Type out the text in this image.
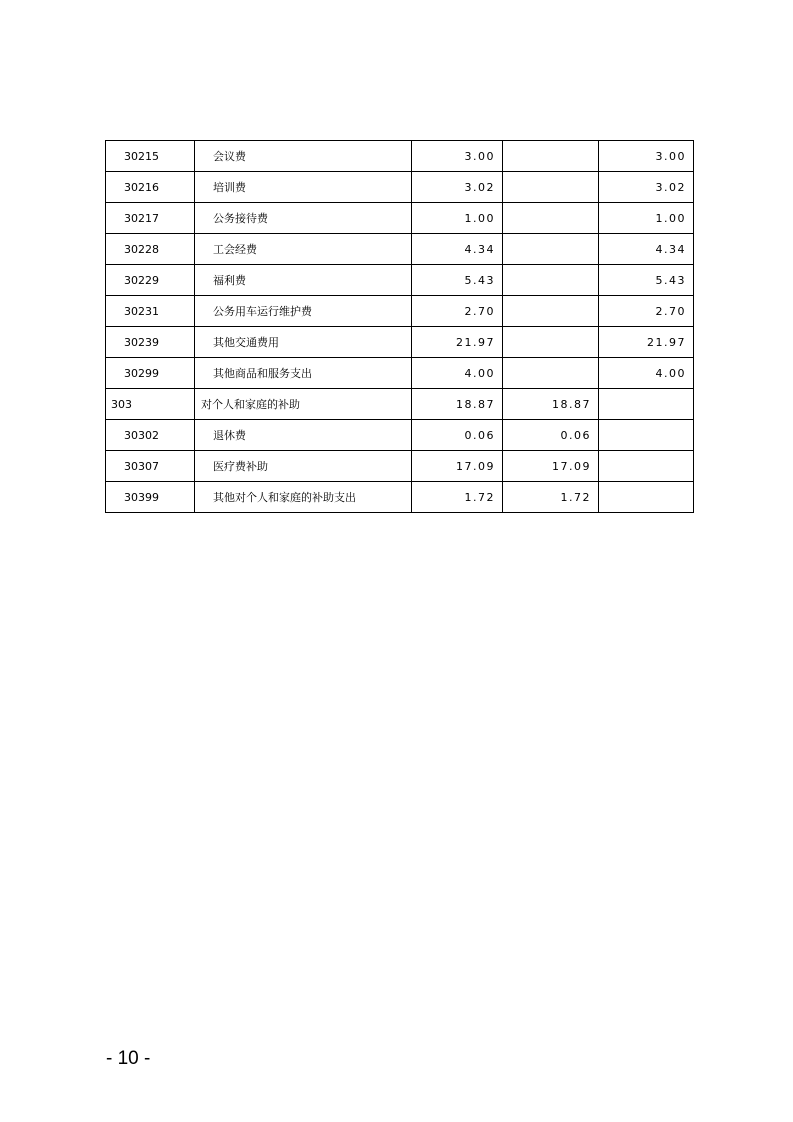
30215	会议费	3.00		3.00
30216	培训费	3.02		3.02
30217	公务接待费	1.00		1.00
30228	工会经费	4.34		4.34
30229	福利费	5.43		5.43
30231	公务用车运行维护费	2.70		2.70
30239	其他交通费用	21.97		21.97
30299	其他商品和服务支出	4.00		4.00
303	对个人和家庭的补助	18.87	18.87	
30302	退休费	0.06	0.06	
30307	医疗费补助	17.09	17.09	
30399	其他对个人和家庭的补助支出	1.72	1.72	
- 10 -
